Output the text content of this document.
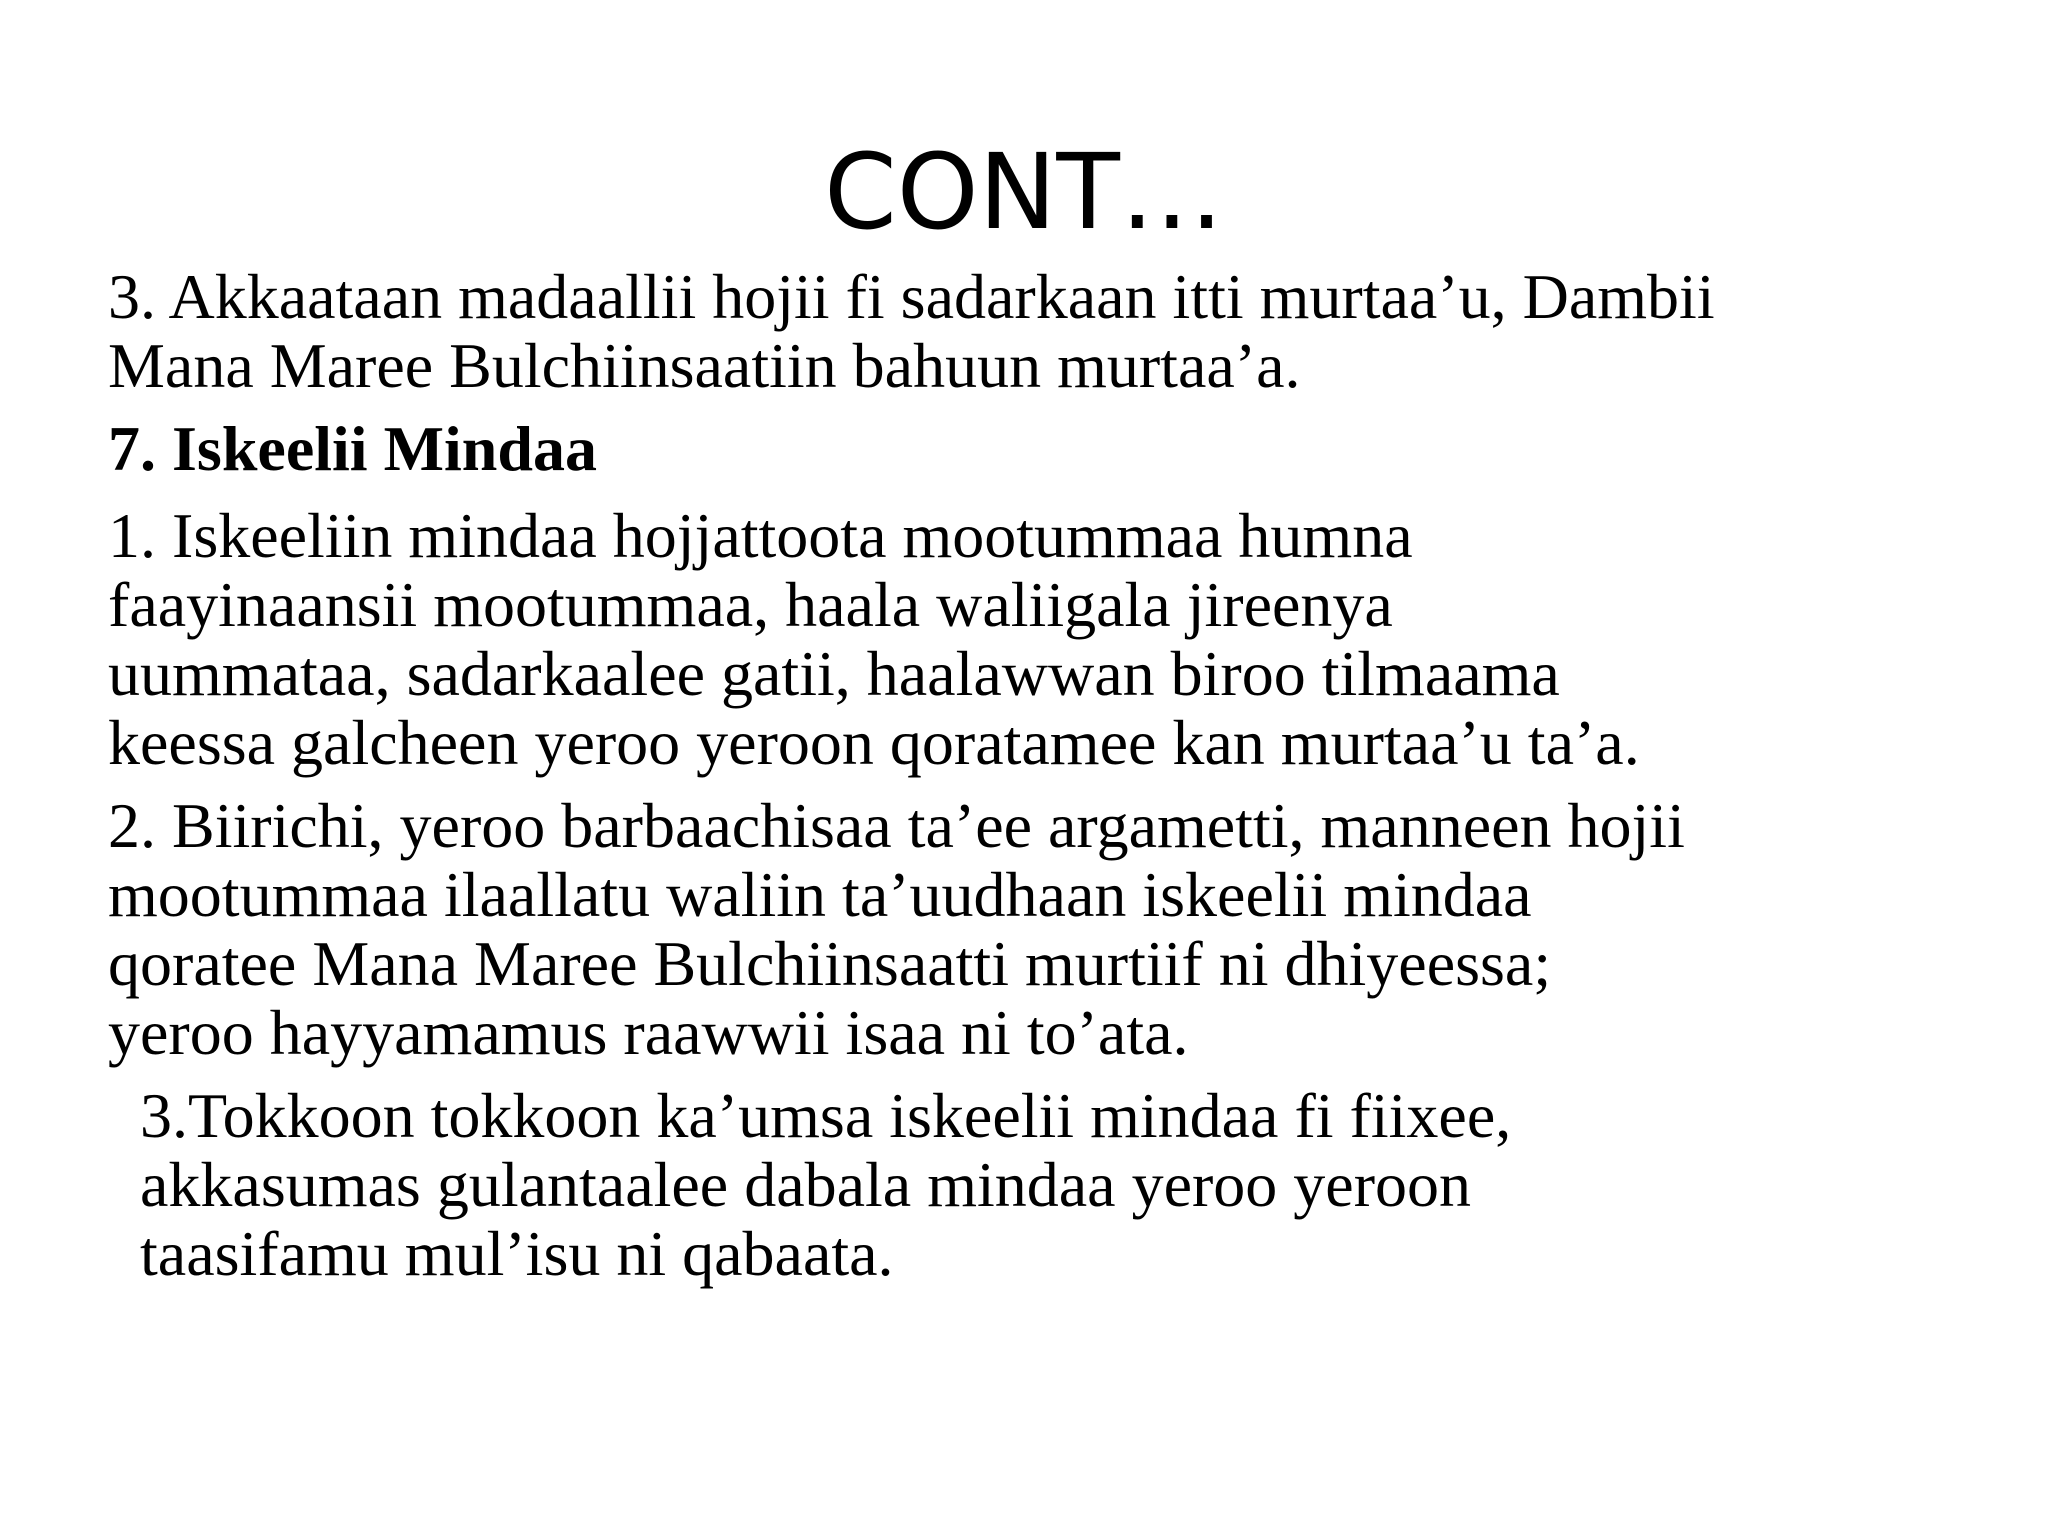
CONT…

3. Akkaataan madaallii hojii fi sadarkaan itti murtaa’u, Dambii
Mana Maree Bulchiinsaatiin bahuun murtaa’a.

7. Iskeelii Mindaa

1. Iskeeliin mindaa hojjattoota mootummaa humna
faayinaansii mootummaa, haala waliigala jireenya
uummataa, sadarkaalee gatii, haalawwan biroo tilmaama
keessa galcheen yeroo yeroon qoratamee kan murtaa’u ta’a.

2. Biirichi, yeroo barbaachisaa ta’ee argametti, manneen hojii
mootummaa ilaallatu waliin ta’uudhaan iskeelii mindaa
qoratee Mana Maree Bulchiinsaatti murtiif ni dhiyeessa;
yeroo hayyamamus raawwii isaa ni to’ata.

3.Tokkoon tokkoon ka’umsa iskeelii mindaa fi fiixee,
akkasumas gulantaalee dabala mindaa yeroo yeroon
taasifamu mul’isu ni qabaata.
